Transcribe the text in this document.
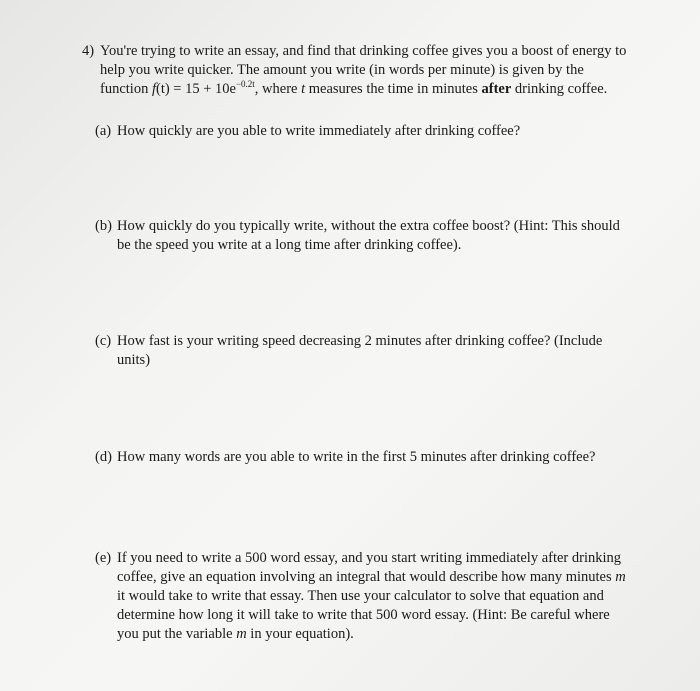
4) You're trying to write an essay, and find that drinking coffee gives you a boost of energy to help you write quicker. The amount you write (in words per minute) is given by the function $f(t) = 15 + 10e^{-0.2t}$, where t measures the time in minutes after drinking coffee.
(a) How quickly are you able to write immediately after drinking coffee?
(b) How quickly do you typically write, without the extra coffee boost? (Hint: This should be the speed you write at a long time after drinking coffee).
(c) How fast is your writing speed decreasing 2 minutes after drinking coffee? (Include units)
(d) How many words are you able to write in the first 5 minutes after drinking coffee?
(e) If you need to write a 500 word essay, and you start writing immediately after drinking coffee, give an equation involving an integral that would describe how many minutes m it would take to write that essay. Then use your calculator to solve that equation and determine how long it will take to write that 500 word essay. (Hint: Be careful where you put the variable m in your equation).
